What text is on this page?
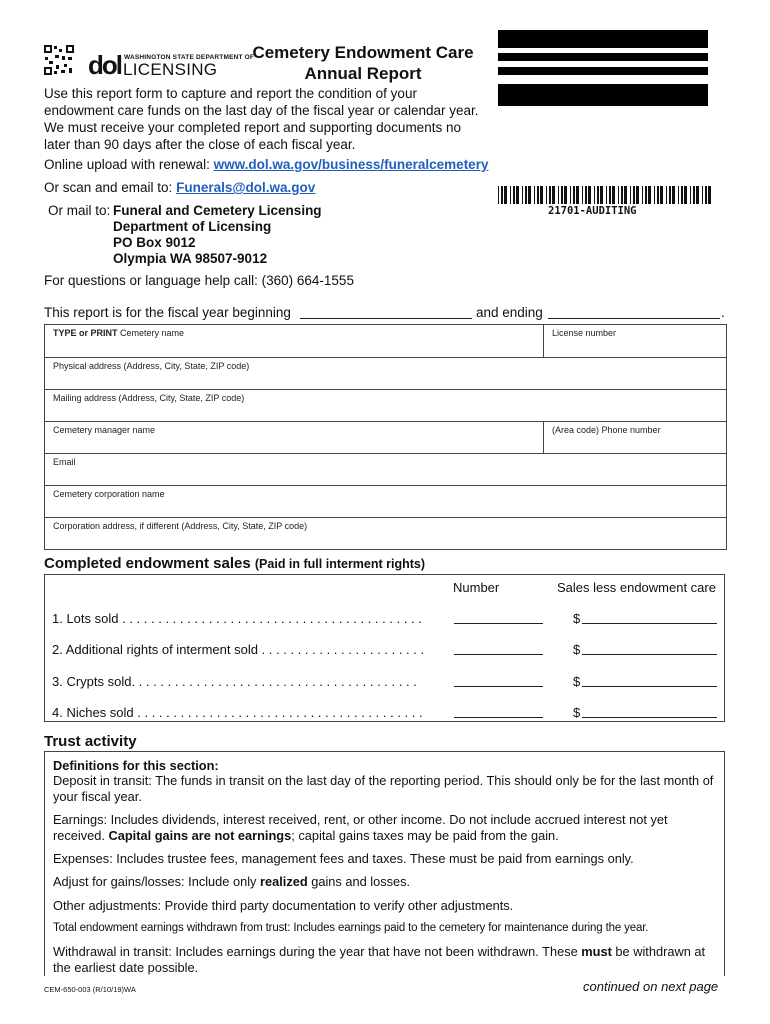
dol WASHINGTON STATE DEPARTMENT OF
LICENSING
Cemetery Endowment Care
Annual Report
Use this report form to capture and report the condition of your endowment care funds on the last day of the fiscal year or calendar year. We must receive your completed report and supporting documents no later than 90 days after the close of each fiscal year.
Online upload with renewal: www.dol.wa.gov/business/funeralcemetery
Or scan and email to: Funerals@dol.wa.gov
Or mail to: Funeral and Cemetery Licensing
Department of Licensing
PO Box 9012
Olympia WA 98507-9012
For questions or language help call: (360) 664-1555
21701-AUDITING
This report is for the fiscal year beginning	and ending	.
TYPE or PRINT Cemetery name	License number
Physical address (Address, City, State, ZIP code)
Mailing address (Address, City, State, ZIP code)
Cemetery manager name	(Area code) Phone number
Email
Cemetery corporation name
Corporation address, if different (Address, City, State, ZIP code)
Completed endowment sales (Paid in full interment rights)
Number	Sales less endowment care
1. Lots sold . . . . . . . . . . . . . . . . . . . . . . . . . . . . . . . . . . . . . . . . . .	$
2. Additional rights of interment sold . . . . . . . . . . . . . . . . . . . . . . .	$
3. Crypts sold. . . . . . . . . . . . . . . . . . . . . . . . . . . . . . . . . . . . . . . .	$
4. Niches sold . . . . . . . . . . . . . . . . . . . . . . . . . . . . . . . . . . . . . . . .	$
Trust activity
Definitions for this section:
Deposit in transit: The funds in transit on the last day of the reporting period. This should only be for the last month of your fiscal year.
Earnings: Includes dividends, interest received, rent, or other income. Do not include accrued interest not yet received. Capital gains are not earnings; capital gains taxes may be paid from the gain.
Expenses: Includes trustee fees, management fees and taxes. These must be paid from earnings only.
Adjust for gains/losses: Include only realized gains and losses.
Other adjustments: Provide third party documentation to verify other adjustments.
Total endowment earnings withdrawn from trust: Includes earnings paid to the cemetery for maintenance during the year.
Withdrawal in transit: Includes earnings during the year that have not been withdrawn. These must be withdrawn at the earliest date possible.
CEM-650-003 (R/10/19)WA	continued on next page
